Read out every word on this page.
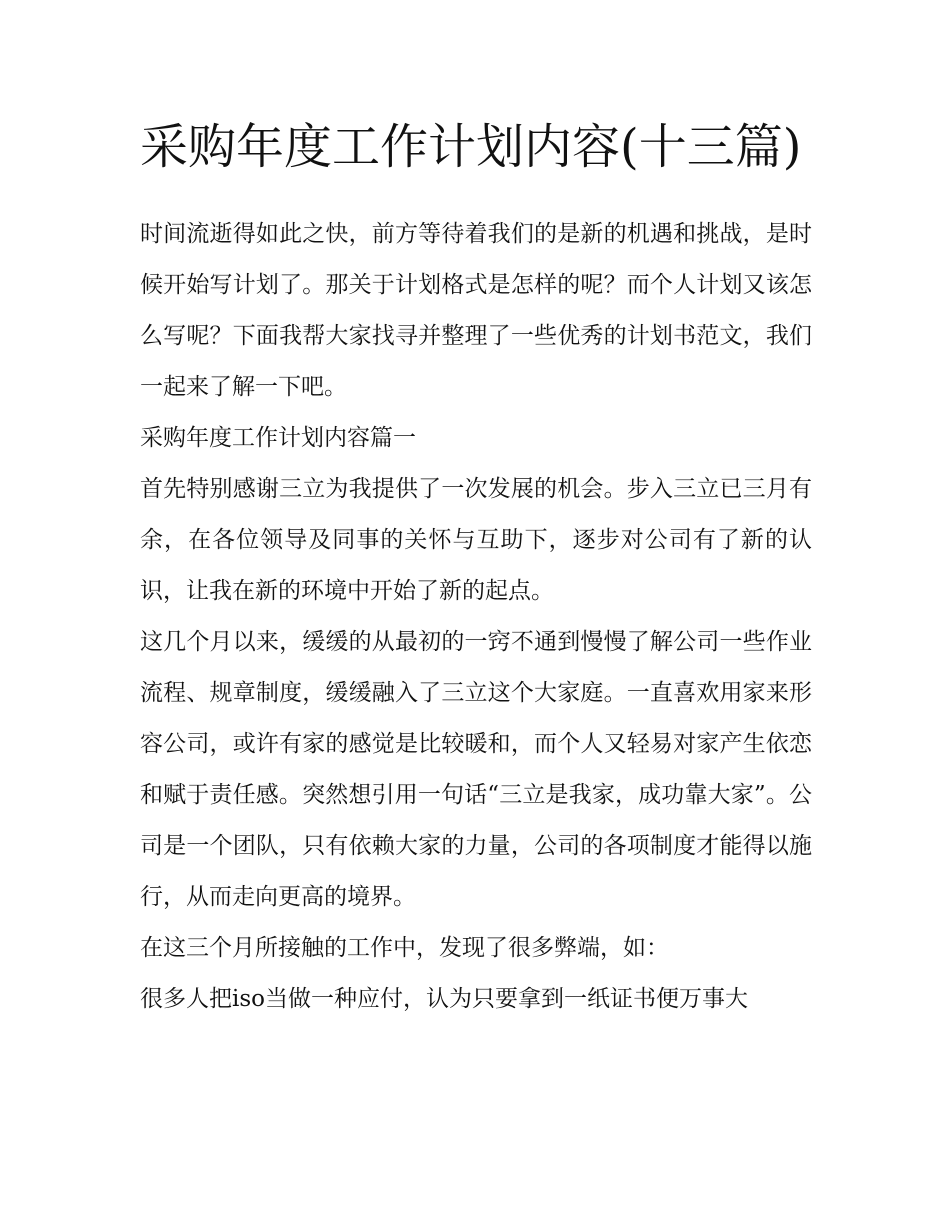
采购年度工作计划内容(十三篇)

时间流逝得如此之快，前方等待着我们的是新的机遇和挑战，是时候开始写计划了。那关于计划格式是怎样的呢？而个人计划又该怎么写呢？下面我帮大家找寻并整理了一些优秀的计划书范文，我们一起来了解一下吧。

采购年度工作计划内容篇一

首先特别感谢三立为我提供了一次发展的机会。步入三立已三月有余，在各位领导及同事的关怀与互助下，逐步对公司有了新的认识，让我在新的环境中开始了新的起点。

这几个月以来，缓缓的从最初的一窍不通到慢慢了解公司一些作业流程、规章制度，缓缓融入了三立这个大家庭。一直喜欢用家来形容公司，或许有家的感觉是比较暖和，而个人又轻易对家产生依恋和赋于责任感。突然想引用一句话“三立是我家，成功靠大家”。公司是一个团队，只有依赖大家的力量，公司的各项制度才能得以施行，从而走向更高的境界。

在这三个月所接触的工作中，发现了很多弊端，如：

很多人把iso当做一种应付，认为只要拿到一纸证书便万事大
